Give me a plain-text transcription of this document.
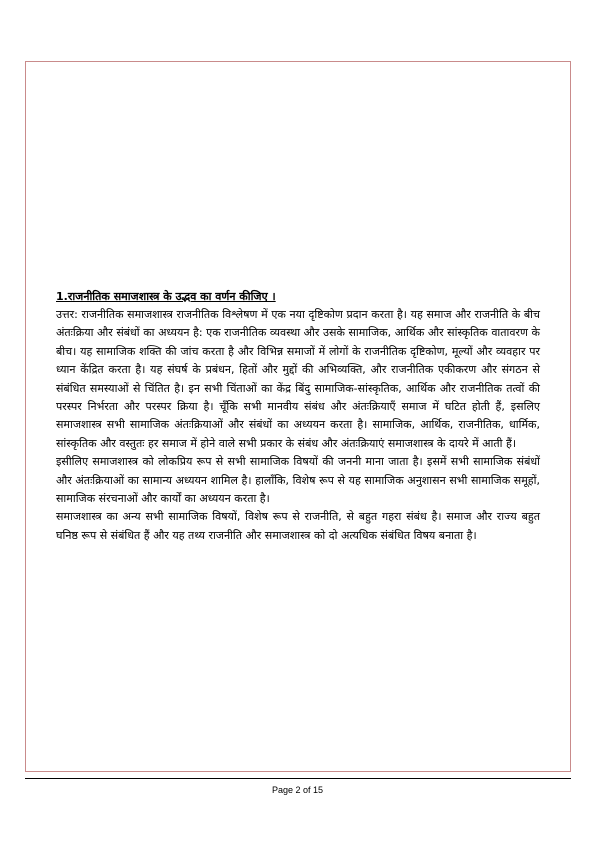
1.राजनीतिक समाजशास्त्र के उद्भव का वर्णन कीजिए ।

उत्तर: राजनीतिक समाजशास्त्र राजनीतिक विश्लेषण में एक नया दृष्टिकोण प्रदान करता है। यह समाज और राजनीति के बीच अंतःक्रिया और संबंधों का अध्ययन है: एक राजनीतिक व्यवस्था और उसके सामाजिक, आर्थिक और सांस्कृतिक वातावरण के बीच। यह सामाजिक शक्ति की जांच करता है और विभिन्न समाजों में लोगों के राजनीतिक दृष्टिकोण, मूल्यों और व्यवहार पर ध्यान केंद्रित करता है। यह संघर्ष के प्रबंधन, हितों और मुद्दों की अभिव्यक्ति, और राजनीतिक एकीकरण और संगठन से संबंधित समस्याओं से चिंतित है। इन सभी चिंताओं का केंद्र बिंदु सामाजिक-सांस्कृतिक, आर्थिक और राजनीतिक तत्वों की परस्पर निर्भरता और परस्पर क्रिया है। चूँकि सभी मानवीय संबंध और अंतःक्रियाएँ समाज में घटित होती हैं, इसलिए समाजशास्त्र सभी सामाजिक अंतःक्रियाओं और संबंधों का अध्ययन करता है। सामाजिक, आर्थिक, राजनीतिक, धार्मिक, सांस्कृतिक और वस्तुतः हर समाज में होने वाले सभी प्रकार के संबंध और अंतःक्रियाएं समाजशास्त्र के दायरे में आती हैं।

इसीलिए समाजशास्त्र को लोकप्रिय रूप से सभी सामाजिक विषयों की जननी माना जाता है। इसमें सभी सामाजिक संबंधों और अंतःक्रियाओं का सामान्य अध्ययन शामिल है। हालाँकि, विशेष रूप से यह सामाजिक अनुशासन सभी सामाजिक समूहों, सामाजिक संरचनाओं और कार्यों का अध्ययन करता है।

समाजशास्त्र का अन्य सभी सामाजिक विषयों, विशेष रूप से राजनीति, से बहुत गहरा संबंध है। समाज और राज्य बहुत घनिष्ठ रूप से संबंधित हैं और यह तथ्य राजनीति और समाजशास्त्र को दो अत्यधिक संबंधित विषय बनाता है।

Page 2 of 15
